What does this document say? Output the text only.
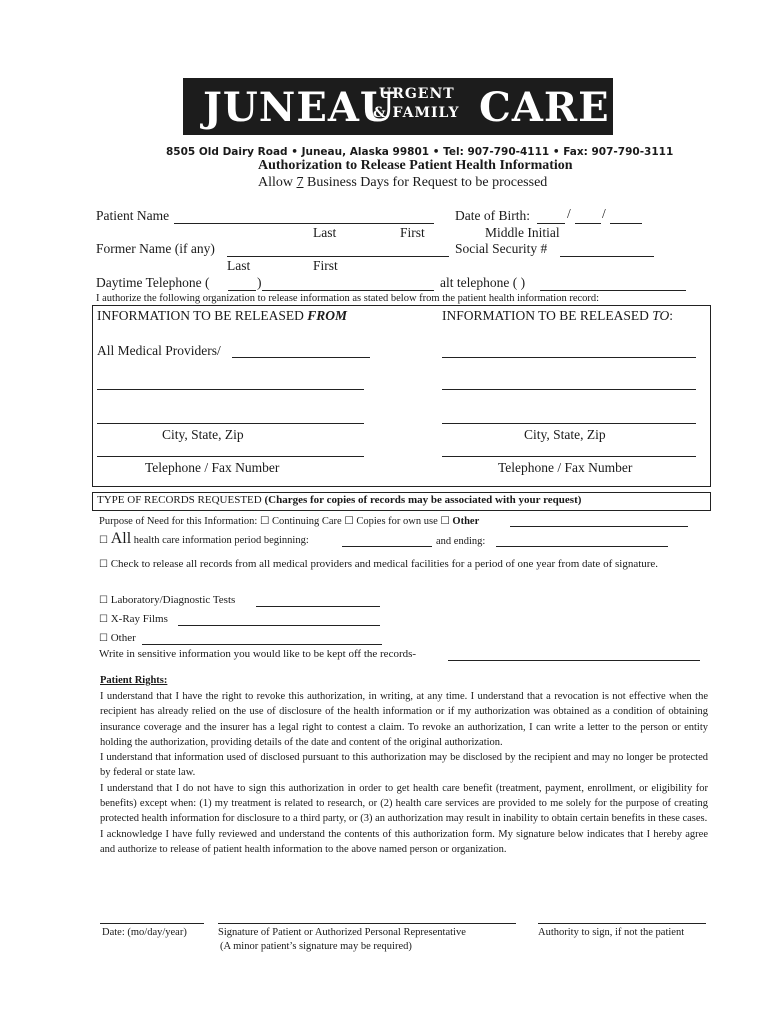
JUNEAU
URGENT
& FAMILY CARE
8505 Old Dairy Road • Juneau, Alaska 99801 • Tel: 907-790-4111 • Fax: 907-790-3111
Authorization to Release Patient Health Information
Allow 7 Business Days for Request to be processed
Patient Name	Date of Birth:	/ /
Last	First	Middle Initial
Former Name (if any)	Social Security #
Last	First
Daytime Telephone (	)	alt telephone ( )
I authorize the following organization to release information as stated below from the patient health information record:
INFORMATION TO BE RELEASED FROM	INFORMATION TO BE RELEASED TO:
All Medical Providers/
City, State, Zip	City, State, Zip
Telephone / Fax Number	Telephone / Fax Number
TYPE OF RECORDS REQUESTED (Charges for copies of records may be associated with your request)
Purpose of Need for this Information: ☐ Continuing Care ☐ Copies for own use ☐ Other
☐ All health care information period beginning:	and ending:
☐ Check to release all records from all medical providers and medical facilities for a period of one year from date of signature.
☐ Laboratory/Diagnostic Tests
☐ X-Ray Films
☐ Other
Write in sensitive information you would like to be kept off the records-
Patient Rights:

I understand that I have the right to revoke this authorization, in writing, at any time. I understand that a revocation is not effective when the recipient has already relied on the use of disclosure of the health information or if my authorization was obtained as a condition of obtaining insurance coverage and the insurer has a legal right to contest a claim. To revoke an authorization, I can write a letter to the person or entity holding the authorization, providing details of the date and content of the original authorization.

I understand that information used of disclosed pursuant to this authorization may be disclosed by the recipient and may no longer be protected by federal or state law.

I understand that I do not have to sign this authorization in order to get health care benefit (treatment, payment, enrollment, or eligibility for benefits) except when: (1) my treatment is related to research, or (2) health care services are provided to me solely for the purpose of creating protected health information for disclosure to a third party, or (3) an authorization may result in inability to obtain certain benefits in these cases.

I acknowledge I have fully reviewed and understand the contents of this authorization form. My signature below indicates that I hereby agree and authorize to release of patient health information to the above named person or organization.

Date: (mo/day/year)	Signature of Patient or Authorized Personal Representative
(A minor patient’s signature may be required)
Authority to sign, if not the patient
